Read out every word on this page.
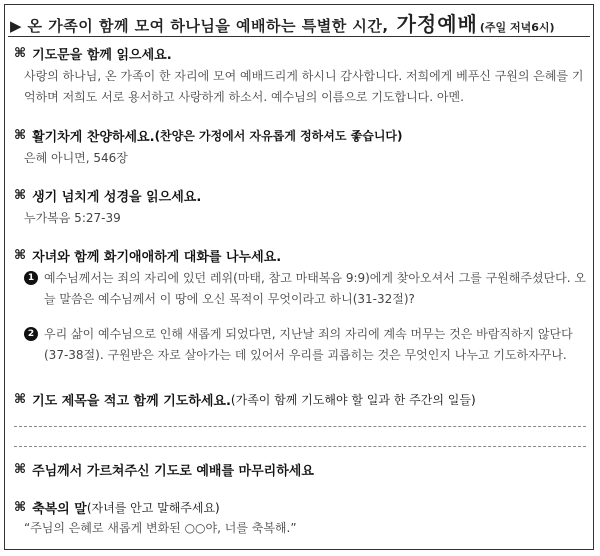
▶ 온 가족이 함께 모여 하나님을 예배하는 특별한 시간, 가정예배 (주일 저녁6시)
⌘ 기도문을 함께 읽으세요.
사랑의 하나님, 온 가족이 한 자리에 모여 예배드리게 하시니 감사합니다. 저희에게 베푸신 구원의 은혜를 기억하며 저희도 서로 용서하고 사랑하게 하소서. 예수님의 이름으로 기도합니다. 아멘.
⌘ 활기차게 찬양하세요. (찬양은 가정에서 자유롭게 정하셔도 좋습니다)
은혜 아니면, 546장
⌘ 생기 넘치게 성경을 읽으세요.
누가복음 5:27-39
⌘ 자녀와 함께 화기애애하게 대화를 나누세요.
1 예수님께서는 죄의 자리에 있던 레위(마태, 참고 마태복음 9:9)에게 찾아오셔서 그를 구원해주셨단다. 오늘 말씀은 예수님께서 이 땅에 오신 목적이 무엇이라고 하니(31-32절)?
2 우리 삶이 예수님으로 인해 새롭게 되었다면, 지난날 죄의 자리에 계속 머무는 것은 바람직하지 않단다(37-38절). 구원받은 자로 살아가는 데 있어서 우리를 괴롭히는 것은 무엇인지 나누고 기도하자꾸나.
⌘ 기도 제목을 적고 함께 기도하세요. (가족이 함께 기도해야 할 일과 한 주간의 일들)
⌘ 주님께서 가르쳐주신 기도로 예배를 마무리하세요
⌘ 축복의 말 (자녀를 안고 말해주세요)
“주님의 은혜로 새롭게 변화된 ○○야, 너를 축복해.”
